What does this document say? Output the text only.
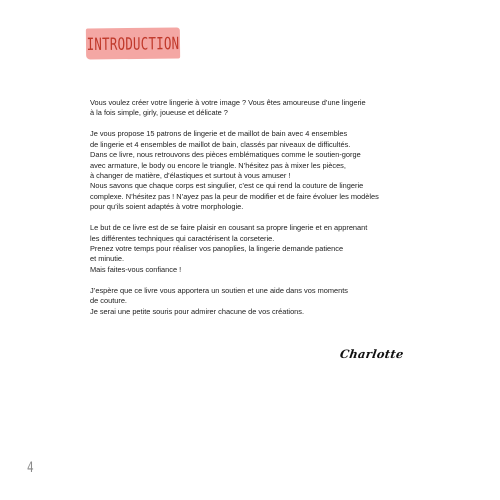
INTRODUCTION

Vous voulez créer votre lingerie à votre image ? Vous êtes amoureuse d’une lingerie
à la fois simple, girly, joueuse et délicate ?

Je vous propose 15 patrons de lingerie et de maillot de bain avec 4 ensembles
de lingerie et 4 ensembles de maillot de bain, classés par niveaux de difficultés.
Dans ce livre, nous retrouvons des pièces emblématiques comme le soutien-gorge
avec armature, le body ou encore le triangle. N’hésitez pas à mixer les pièces,
à changer de matière, d’élastiques et surtout à vous amuser !
Nous savons que chaque corps est singulier, c’est ce qui rend la couture de lingerie
complexe. N’hésitez pas ! N’ayez pas la peur de modifier et de faire évoluer les modèles
pour qu’ils soient adaptés à votre morphologie.

Le but de ce livre est de se faire plaisir en cousant sa propre lingerie et en apprenant
les différentes techniques qui caractérisent la corseterie.
Prenez votre temps pour réaliser vos panoplies, la lingerie demande patience
et minutie.
Mais faites-vous confiance !

J’espère que ce livre vous apportera un soutien et une aide dans vos moments
de couture.
Je serai une petite souris pour admirer chacune de vos créations.

Charlotte
4
